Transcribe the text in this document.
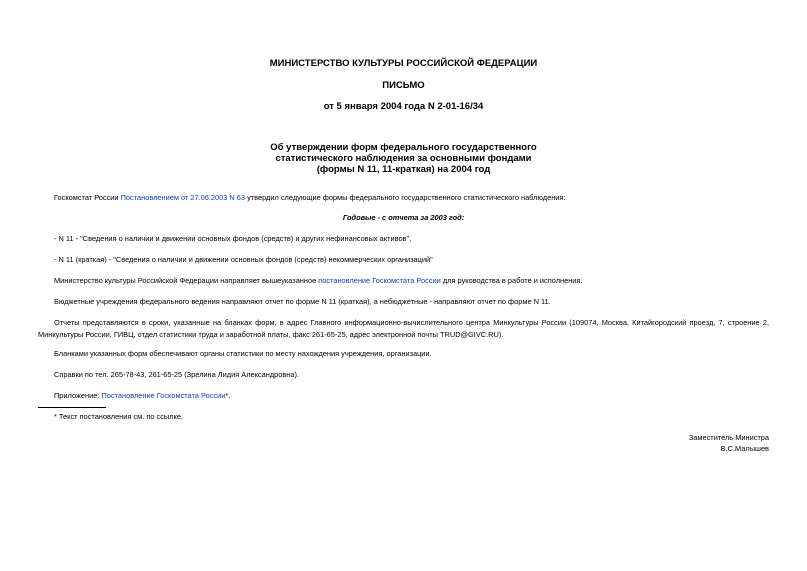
МИНИСТЕРСТВО КУЛЬТУРЫ РОССИЙСКОЙ ФЕДЕРАЦИИ
ПИСЬМО
от 5 января 2004 года N 2-01-16/34
Об утверждении форм федерального государственного
статистического наблюдения за основными фондами
(формы N 11, 11-краткая) на 2004 год
Госкомстат России Постановлением от 27.06.2003 N 63 утвердил следующие формы федерального государственного статистического наблюдения:
Годовые - с отчета за 2003 год:
- N 11 - "Сведения о наличии и движении основных фондов (средств) и других нефинансовых активов",
- N 11 (краткая) - "Сведения о наличии и движении основных фондов (средств) некоммерческих организаций"
Министерство культуры Российской Федерации направляет вышеуказанное постановление Госкомстата России для руководства в работе и исполнения.
Бюджетные учреждения федерального ведения направляют отчет по форме N 11 (краткая), а небюджетные - направляют отчет по форме N 11.
Отчеты представляются в сроки, указанные на бланках форм, в адрес Главного информационно-вычислительного центра Минкультуры России (109074, Москва, Китайгородский проезд, 7, строение 2, Минкультуры России, ГИВЦ, отдел статистики труда и заработной платы, факс 261-65-25, адрес электронной почты TRUD@GIVC.RU).
Бланками указанных форм обеспечивают органы статистики по месту нахождения учреждения, организации.
Справки по тел. 265-78-43, 261-65-25 (Зрелина Лидия Александровна).
Приложение: Постановление Госкомстата России*.
* Текст постановления см. по ссылке.
Заместитель Министра
В.С.Малышев
